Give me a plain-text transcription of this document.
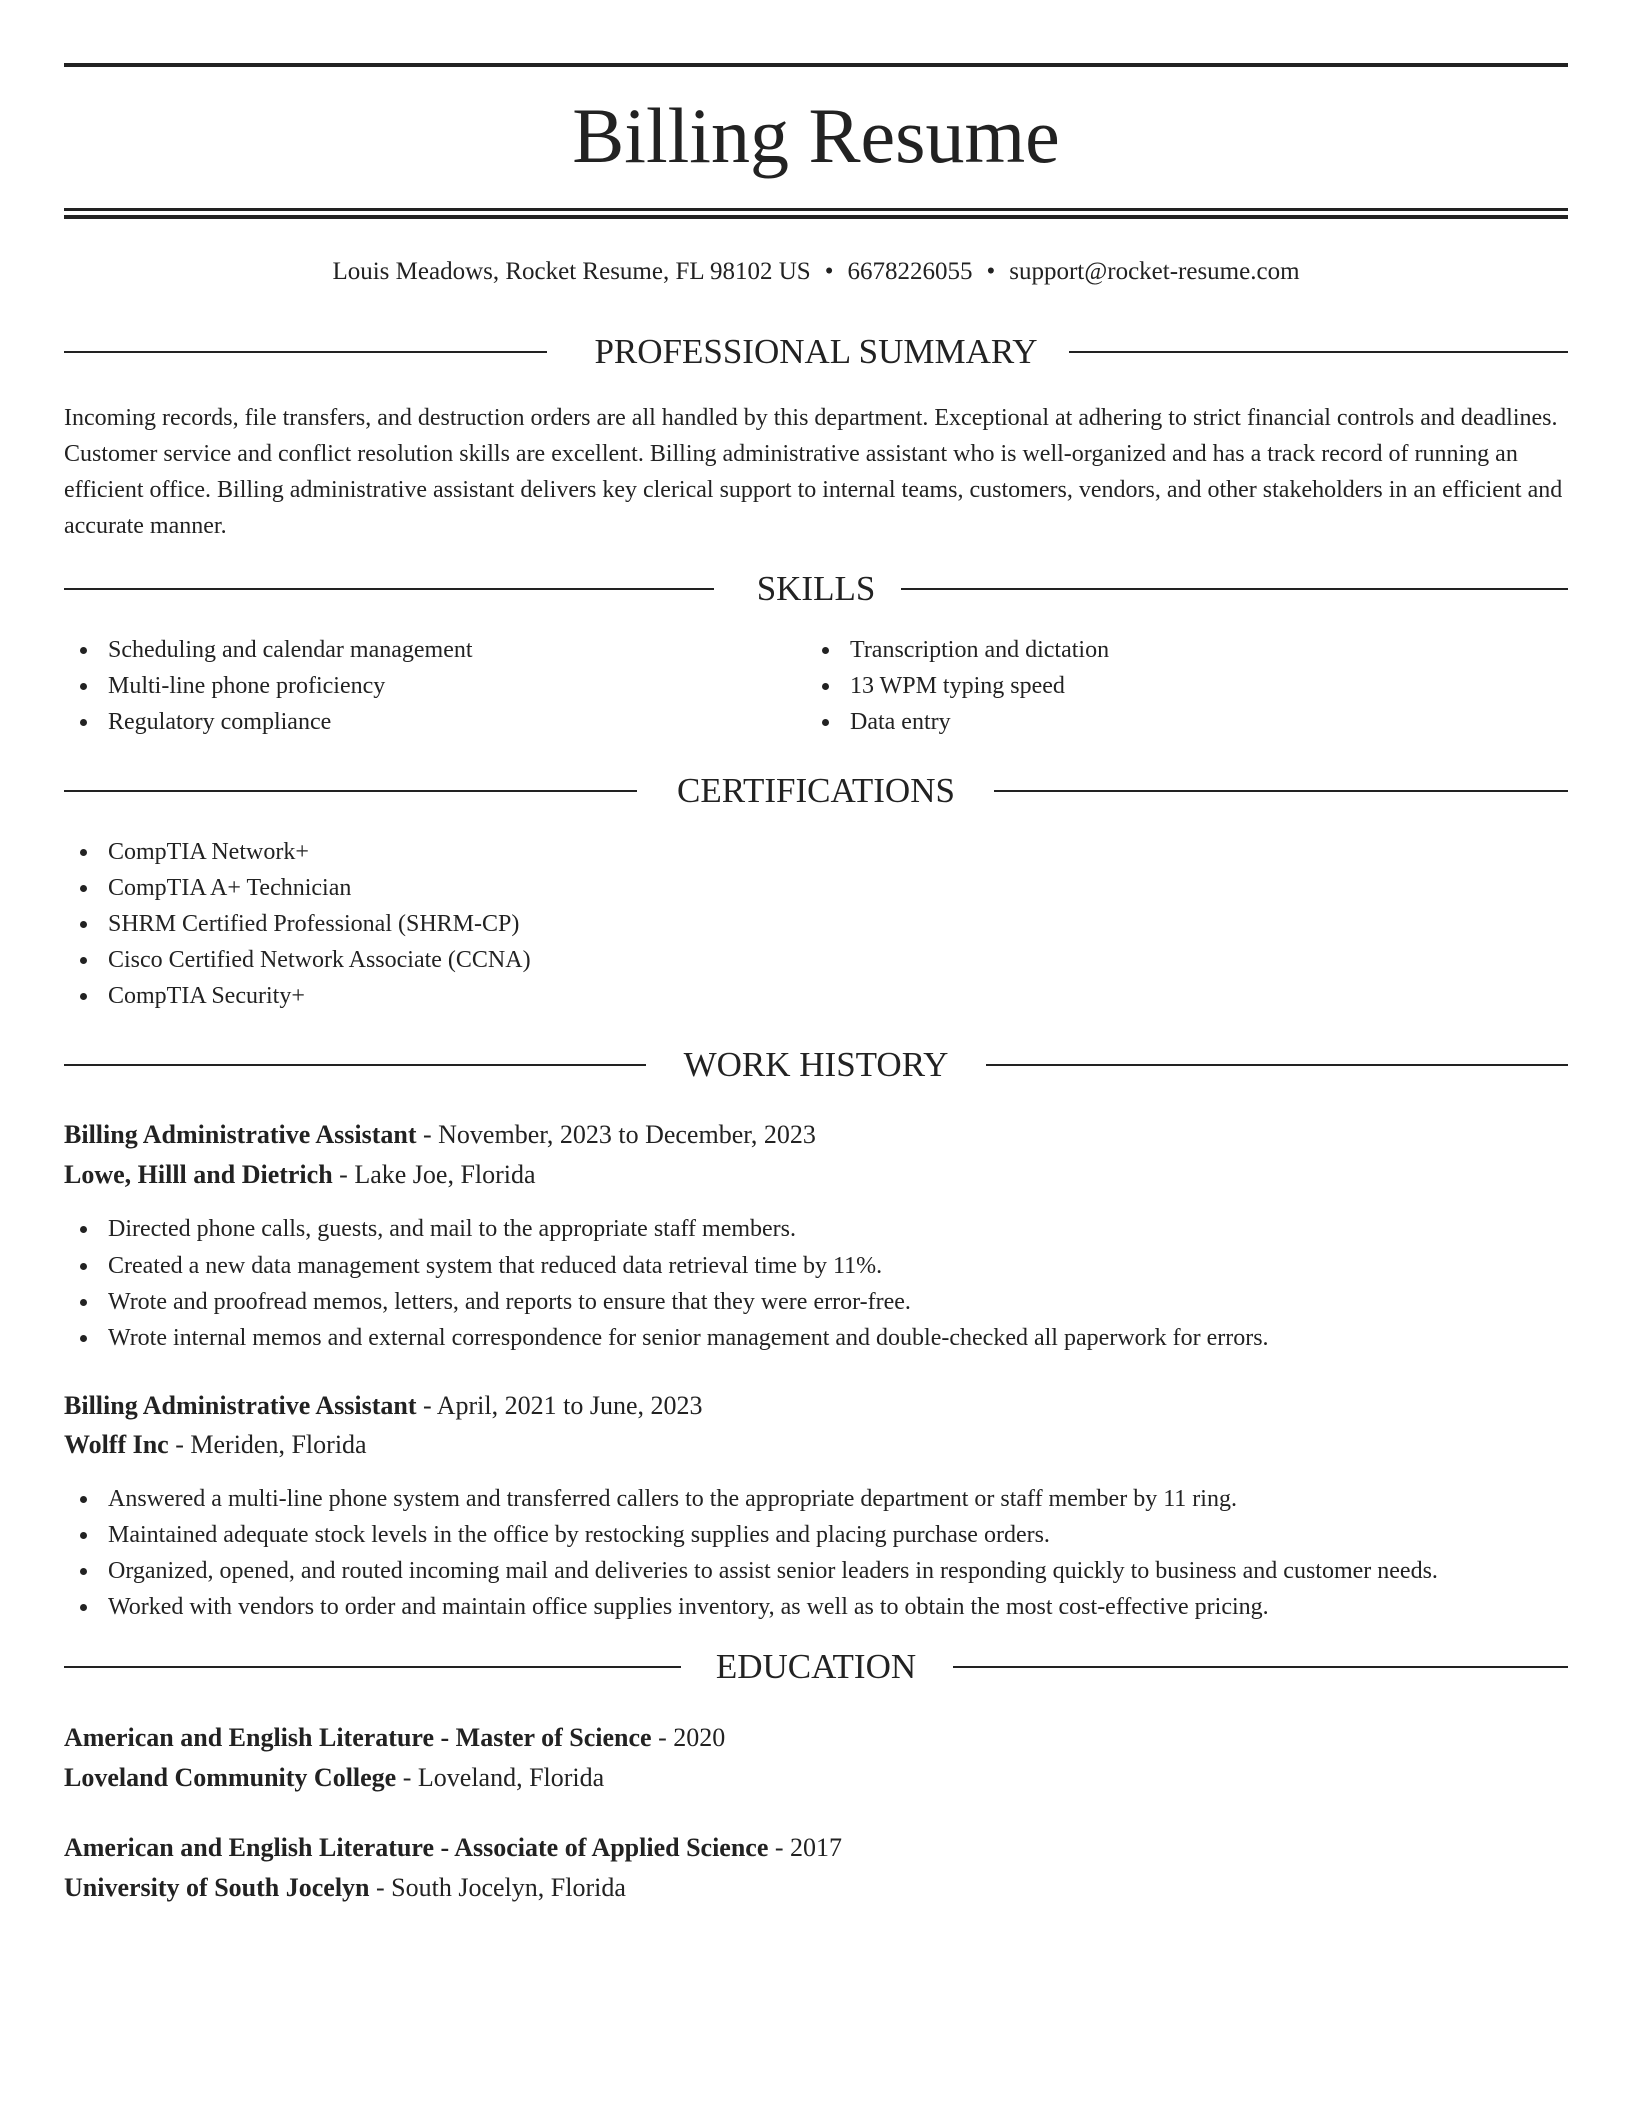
Billing Resume
Louis Meadows, Rocket Resume, FL 98102 US • 6678226055 • support@rocket-resume.com
PROFESSIONAL SUMMARY

Incoming records, file transfers, and destruction orders are all handled by this department. Exceptional at adhering to strict financial controls and deadlines. Customer service and conflict resolution skills are excellent. Billing administrative assistant who is well-organized and has a track record of running an efficient office. Billing administrative assistant delivers key clerical support to internal teams, customers, vendors, and other stakeholders in an efficient and accurate manner.

SKILLS
Scheduling and calendar management
Multi-line phone proficiency
Regulatory compliance
Transcription and dictation
13 WPM typing speed
Data entry
CERTIFICATIONS
CompTIA Network+
CompTIA A+ Technician
SHRM Certified Professional (SHRM-CP)
Cisco Certified Network Associate (CCNA)
CompTIA Security+
WORK HISTORY
Billing Administrative Assistant - November, 2023 to December, 2023
Lowe, Hilll and Dietrich - Lake Joe, Florida
Directed phone calls, guests, and mail to the appropriate staff members.
Created a new data management system that reduced data retrieval time by 11%.
Wrote and proofread memos, letters, and reports to ensure that they were error-free.
Wrote internal memos and external correspondence for senior management and double-checked all paperwork for errors.
Billing Administrative Assistant - April, 2021 to June, 2023
Wolff Inc - Meriden, Florida
Answered a multi-line phone system and transferred callers to the appropriate department or staff member by 11 ring.
Maintained adequate stock levels in the office by restocking supplies and placing purchase orders.
Organized, opened, and routed incoming mail and deliveries to assist senior leaders in responding quickly to business and customer needs.
Worked with vendors to order and maintain office supplies inventory, as well as to obtain the most cost-effective pricing.
EDUCATION
American and English Literature - Master of Science - 2020
Loveland Community College - Loveland, Florida
American and English Literature - Associate of Applied Science - 2017
University of South Jocelyn - South Jocelyn, Florida
